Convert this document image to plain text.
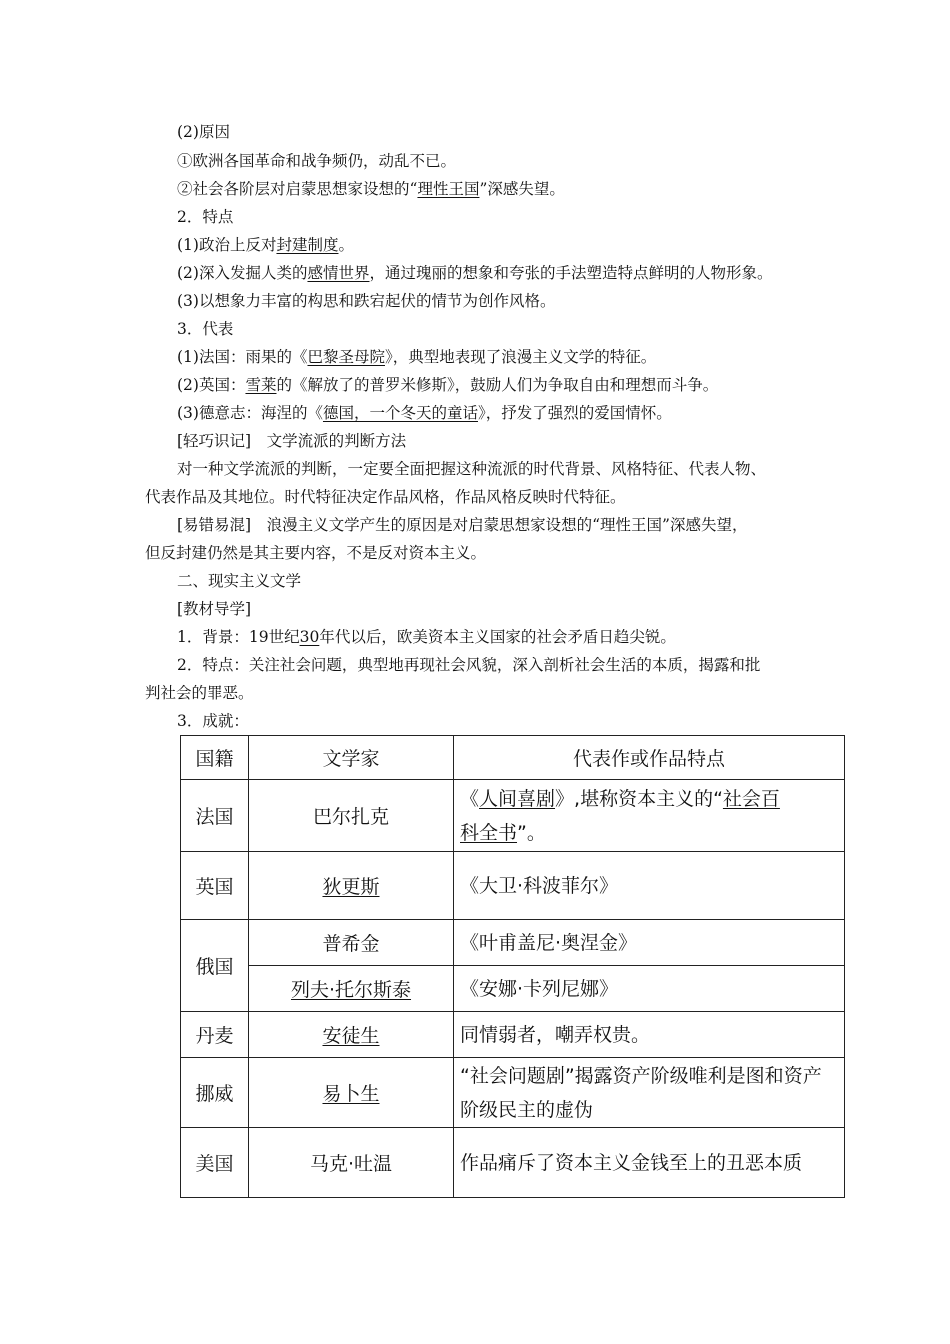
(2)原因
①欧洲各国革命和战争频仍，动乱不已。
②社会各阶层对启蒙思想家设想的“理性王国”深感失望。
2．特点
(1)政治上反对封建制度。
(2)深入发掘人类的感情世界，通过瑰丽的想象和夸张的手法塑造特点鲜明的人物形象。
(3)以想象力丰富的构思和跌宕起伏的情节为创作风格。
3．代表
(1)法国：雨果的《巴黎圣母院》，典型地表现了浪漫主义文学的特征。
(2)英国：雪莱的《解放了的普罗米修斯》，鼓励人们为争取自由和理想而斗争。
(3)德意志：海涅的《德国，一个冬天的童话》，抒发了强烈的爱国情怀。
[轻巧识记]　文学流派的判断方法
对一种文学流派的判断，一定要全面把握这种流派的时代背景、风格特征、代表人物、
代表作品及其地位。时代特征决定作品风格，作品风格反映时代特征。
[易错易混]　浪漫主义文学产生的原因是对启蒙思想家设想的“理性王国”深感失望，
但反封建仍然是其主要内容，不是反对资本主义。
二、现实主义文学
[教材导学]
1．背景：19世纪30年代以后，欧美资本主义国家的社会矛盾日趋尖锐。
2．特点：关注社会问题，典型地再现社会风貌，深入剖析社会生活的本质，揭露和批
判社会的罪恶。
3．成就：
国籍	文学家	代表作或作品特点
法国	巴尔扎克	《人间喜剧》,堪称资本主义的“社会百
科全书”。
英国	狄更斯	《大卫·科波菲尔》
俄国	普希金	《叶甫盖尼·奥涅金》
	列夫·托尔斯泰	《安娜·卡列尼娜》
丹麦	安徒生	同情弱者，嘲弄权贵。
挪威	易卜生	“社会问题剧”揭露资产阶级唯利是图和资产阶级民主的虚伪
美国	马克·吐温	作品痛斥了资本主义金钱至上的丑恶本质
